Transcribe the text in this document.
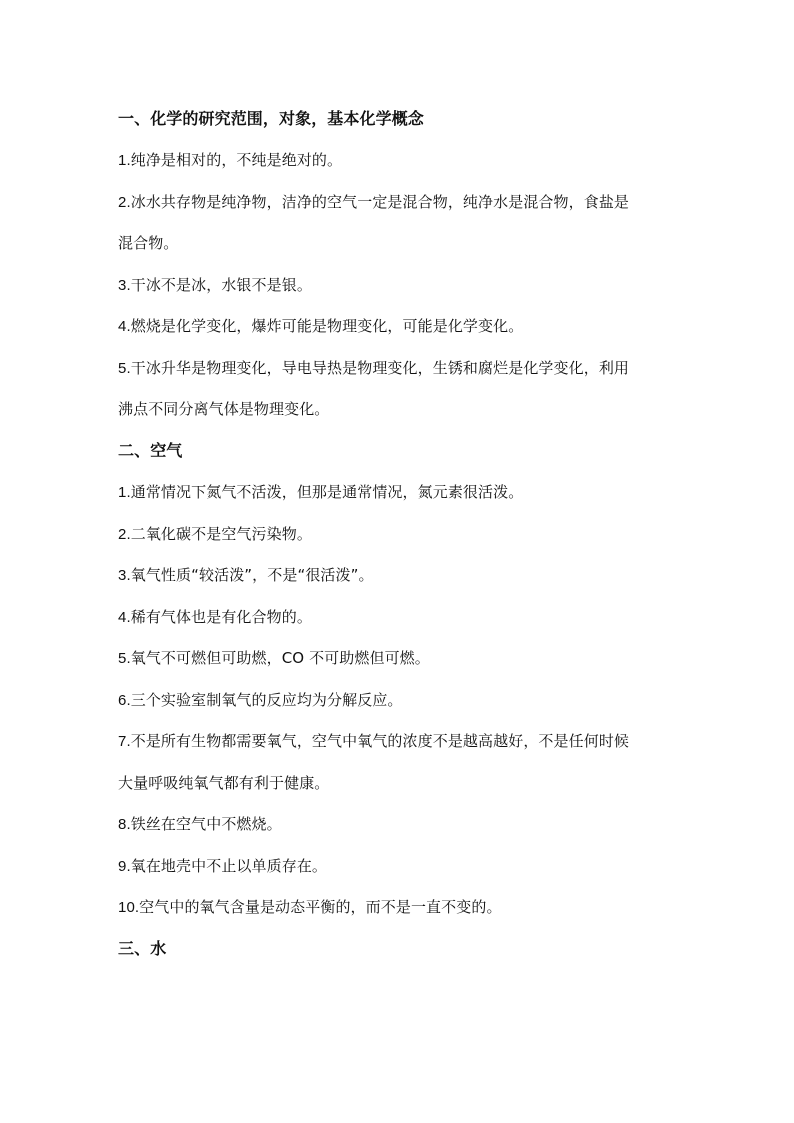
一、化学的研究范围，对象，基本化学概念
1.纯净是相对的，不纯是绝对的。
2.冰水共存物是纯净物，洁净的空气一定是混合物，纯净水是混合物，食盐是
混合物。
3.干冰不是冰，水银不是银。
4.燃烧是化学变化，爆炸可能是物理变化，可能是化学变化。
5.干冰升华是物理变化，导电导热是物理变化，生锈和腐烂是化学变化，利用
沸点不同分离气体是物理变化。
二、空气
1.通常情况下氮气不活泼，但那是通常情况，氮元素很活泼。
2.二氧化碳不是空气污染物。
3.氧气性质“较活泼”，不是“很活泼”。
4.稀有气体也是有化合物的。
5.氧气不可燃但可助燃，CO 不可助燃但可燃。
6.三个实验室制氧气的反应均为分解反应。
7.不是所有生物都需要氧气，空气中氧气的浓度不是越高越好，不是任何时候
大量呼吸纯氧气都有利于健康。
8.铁丝在空气中不燃烧。
9.氧在地壳中不止以单质存在。
10.空气中的氧气含量是动态平衡的，而不是一直不变的。
三、水
